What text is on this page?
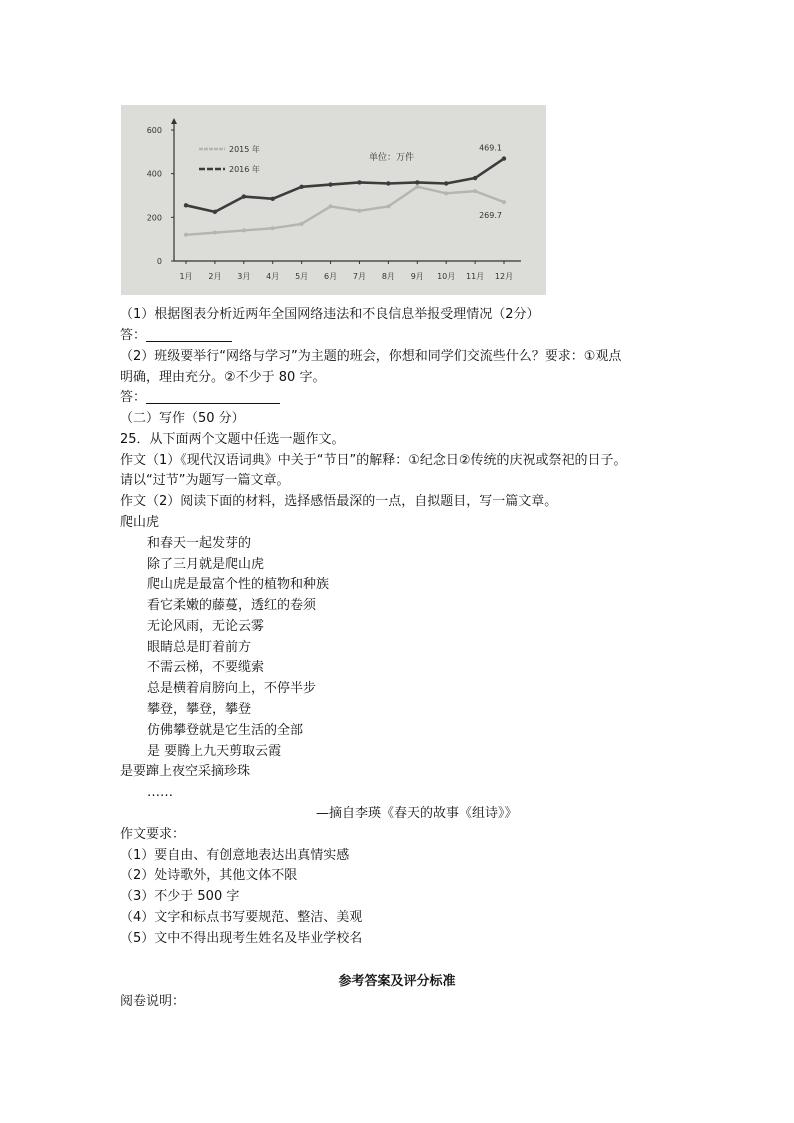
0
200
400
600
1月 2月 3月 4月 5月 6月 7月 8月 9月 10月 11月 12月
269.7
469.1
2015 年
2016 年
单位：万件
（1）根据图表分析近两年全国网络违法和不良信息举报受理情况（2分）
答：
（2）班级要举行“网络与学习”为主题的班会，你想和同学们交流些什么？要求：①观点
明确，理由充分。②不少于 80 字。
答：
（二）写作（50 分）
25．从下面两个文题中任选一题作文。
作文（1）《现代汉语词典》中关于“节日”的解释：①纪念日②传统的庆祝或祭祀的日子。
请以“过节”为题写一篇文章。
作文（2）阅读下面的材料，选择感悟最深的一点，自拟题目，写一篇文章。
爬山虎
和春天一起发芽的
除了三月就是爬山虎
爬山虎是最富个性的植物和种族
看它柔嫩的藤蔓，透红的卷须
无论风雨，无论云雾
眼睛总是盯着前方
不需云梯，不要缆索
总是横着肩膀向上，不停半步
攀登，攀登，攀登
仿佛攀登就是它生活的全部
是 要腾上九天剪取云霞
是要蹿上夜空采摘珍珠
……
—摘自李瑛《春天的故事《组诗》》
作文要求：
（1）要自由、有创意地表达出真情实感
（2）处诗歌外，其他文体不限
（3）不少于 500 字
（4）文字和标点书写要规范、整洁、美观
（5）文中不得出现考生姓名及毕业学校名
参考答案及评分标准
阅卷说明：
